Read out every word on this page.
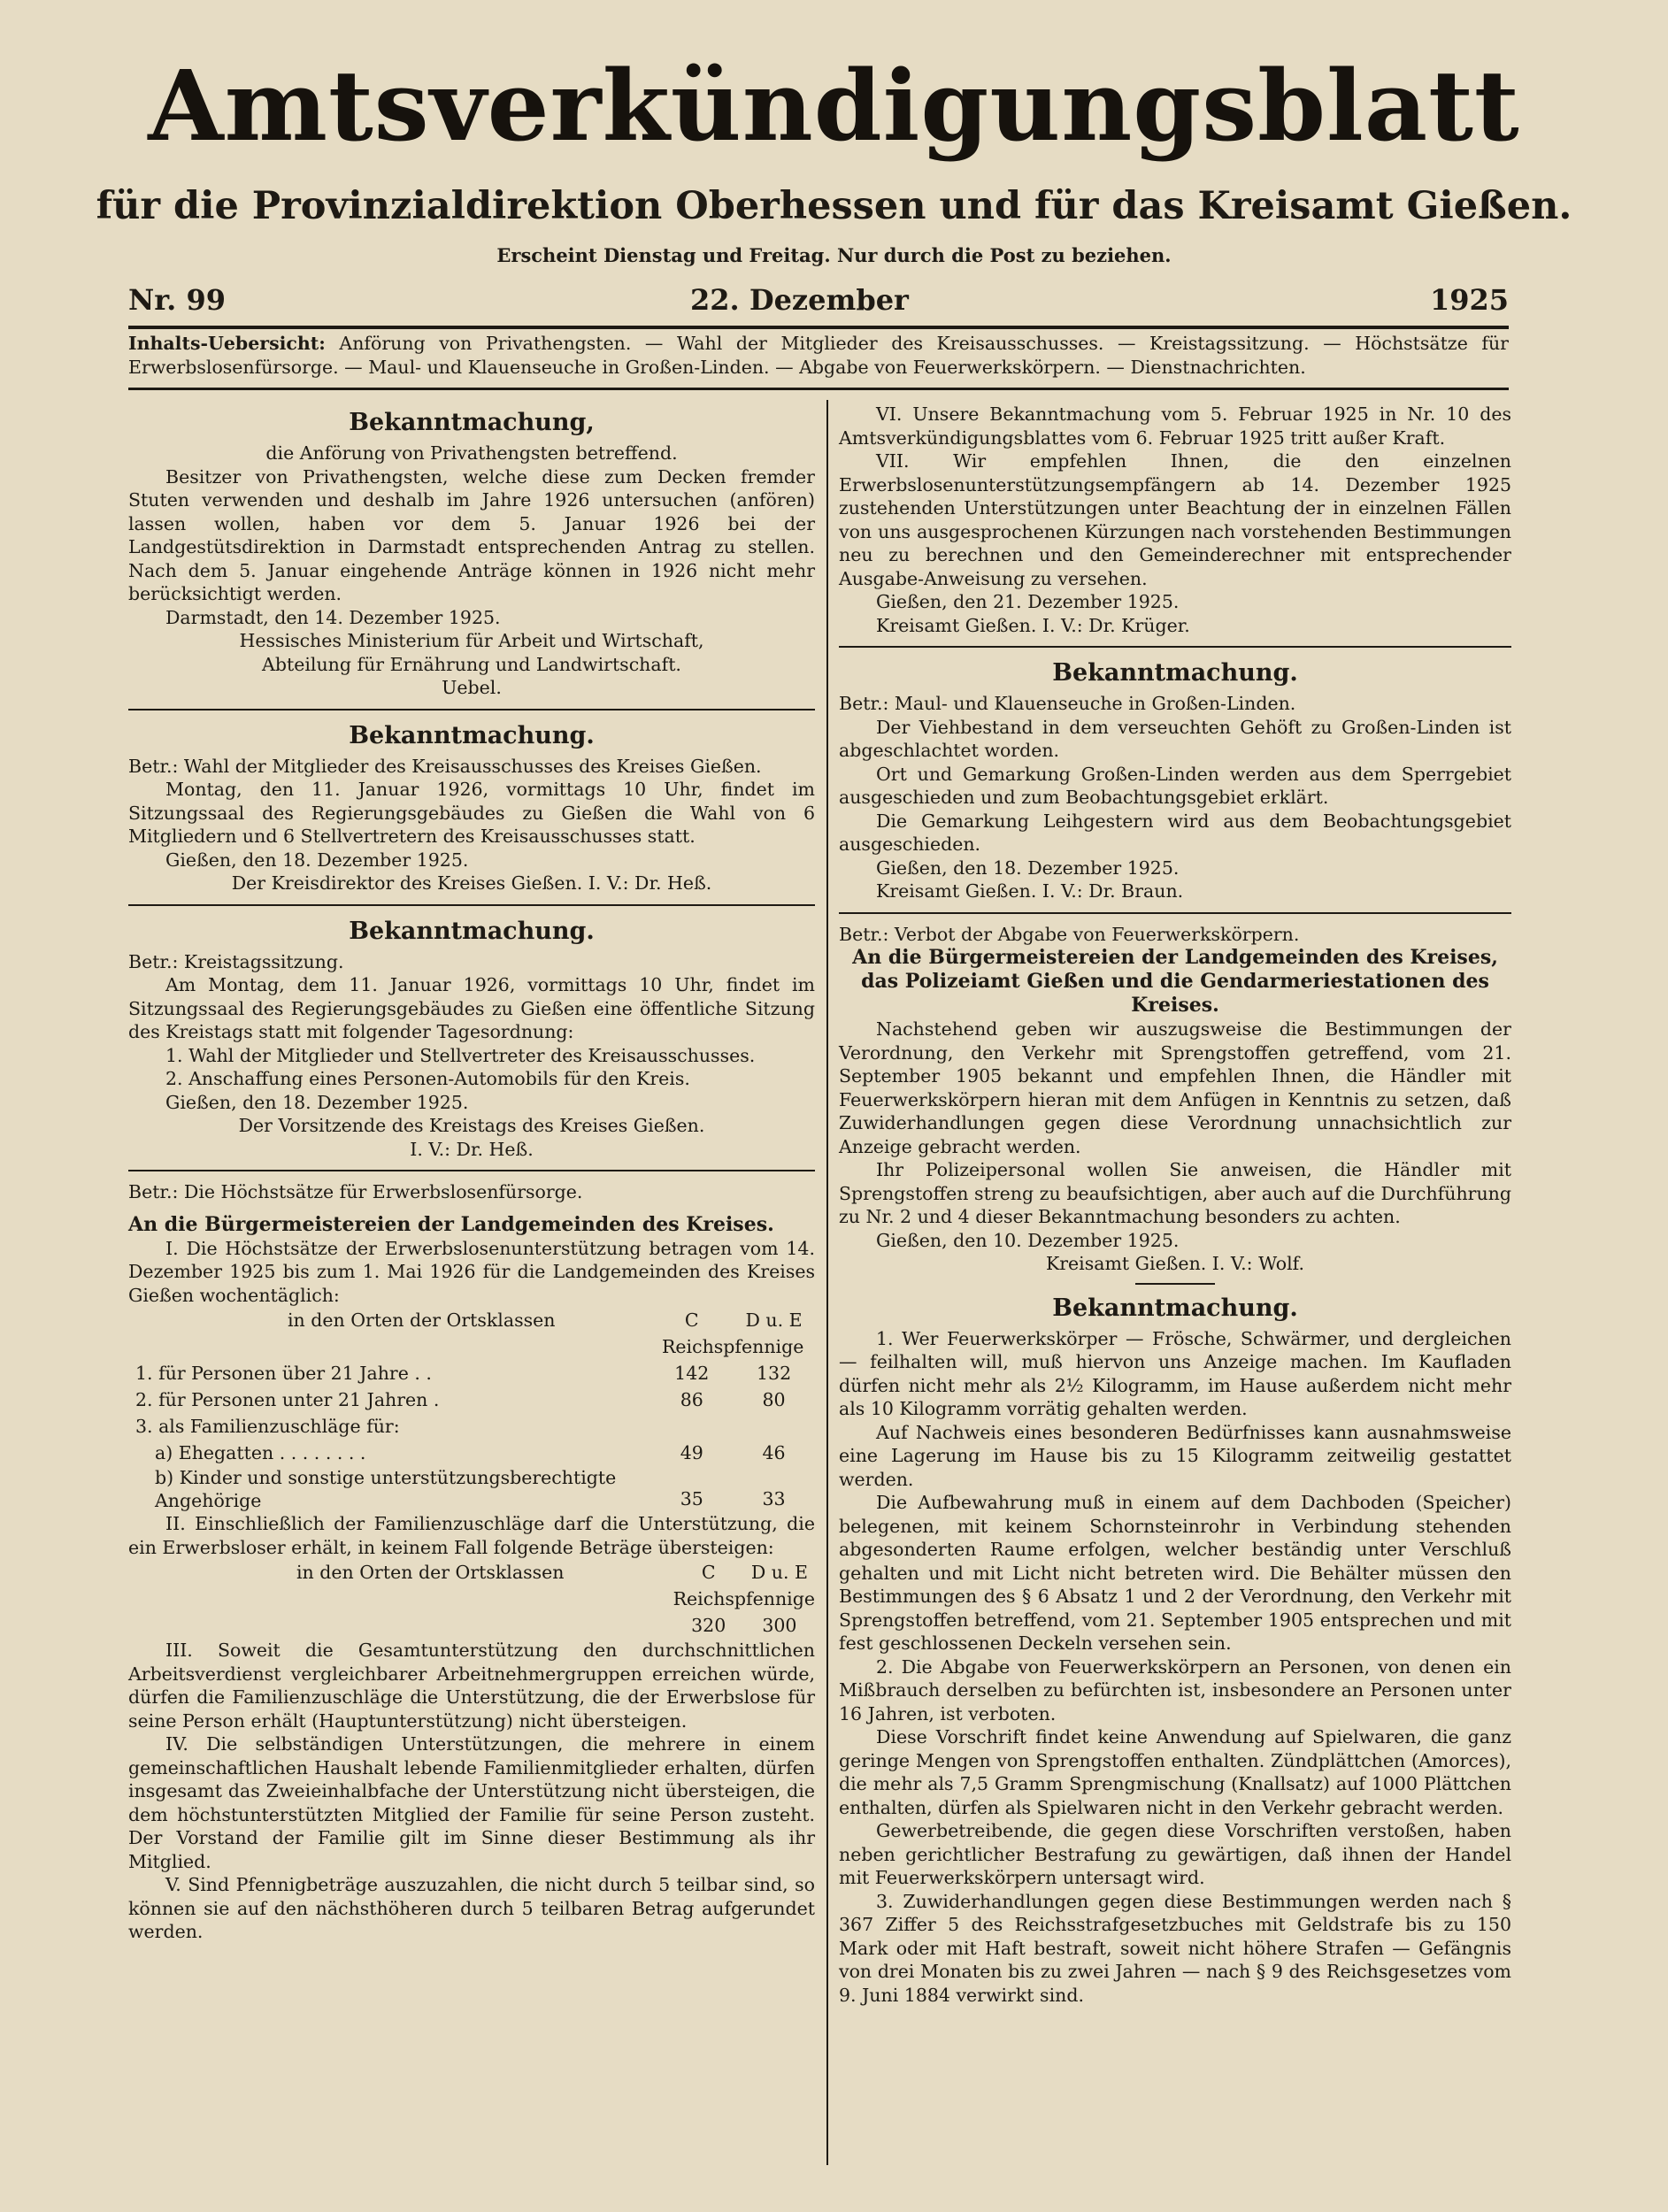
Amtsverkündigungsblatt
für die Provinzialdirektion Oberhessen und für das Kreisamt Gießen.
Erscheint Dienstag und Freitag. Nur durch die Post zu beziehen.
Nr. 99	22. Dezember	1925
Inhalts-Uebersicht: Anförung von Privathengsten. — Wahl der Mitglieder des Kreisausschusses. — Kreistagssitzung. — Höchstsätze für Erwerbslosenfürsorge. — Maul- und Klauenseuche in Großen-Linden. — Abgabe von Feuerwerkskörpern. — Dienstnachrichten.
Bekanntmachung,

die Anförung von Privathengsten betreffend.

Besitzer von Privathengsten, welche diese zum Decken fremder Stuten verwenden und deshalb im Jahre 1926 untersuchen (anfören) lassen wollen, haben vor dem 5. Januar 1926 bei der Landgestütsdirektion in Darmstadt entsprechenden Antrag zu stellen. Nach dem 5. Januar eingehende Anträge können in 1926 nicht mehr berücksichtigt werden.

Darmstadt, den 14. Dezember 1925.

Hessisches Ministerium für Arbeit und Wirtschaft,

Abteilung für Ernährung und Landwirtschaft.

Uebel.

Bekanntmachung.

Betr.: Wahl der Mitglieder des Kreisausschusses des Kreises Gießen.

Montag, den 11. Januar 1926, vormittags 10 Uhr, findet im Sitzungssaal des Regierungsgebäudes zu Gießen die Wahl von 6 Mitgliedern und 6 Stellvertretern des Kreisausschusses statt.

Gießen, den 18. Dezember 1925.

Der Kreisdirektor des Kreises Gießen. I. V.: Dr. Heß.

Bekanntmachung.

Betr.: Kreistagssitzung.

Am Montag, dem 11. Januar 1926, vormittags 10 Uhr, findet im Sitzungssaal des Regierungsgebäudes zu Gießen eine öffentliche Sitzung des Kreistags statt mit folgender Tagesordnung:

1. Wahl der Mitglieder und Stellvertreter des Kreisausschusses.

2. Anschaffung eines Personen-Automobils für den Kreis.

Gießen, den 18. Dezember 1925.

Der Vorsitzende des Kreistags des Kreises Gießen.

I. V.: Dr. Heß.

Betr.: Die Höchstsätze für Erwerbslosenfürsorge.

An die Bürgermeistereien der Landgemeinden des Kreises.

I. Die Höchstsätze der Erwerbslosenunterstützung betragen vom 14. Dezember 1925 bis zum 1. Mai 1926 für die Landgemeinden des Kreises Gießen wochentäglich:

in den Orten der Ortsklassen	C	D u. E
	Reichspfennige	
1. für Personen über 21 Jahre . .	142	132
2. für Personen unter 21 Jahren .	86	80
3. als Familienzuschläge für:		
a) Ehegatten . . . . . . . .	49	46
b) Kinder und sonstige unterstützungsberechtigte Angehörige	35	33

II. Einschließlich der Familienzuschläge darf die Unterstützung, die ein Erwerbsloser erhält, in keinem Fall folgende Beträge übersteigen:

in den Orten der Ortsklassen	C	D u. E
	Reichspfennige	
	320	300

III. Soweit die Gesamtunterstützung den durchschnittlichen Arbeitsverdienst vergleichbarer Arbeitnehmergruppen erreichen würde, dürfen die Familienzuschläge die Unterstützung, die der Erwerbslose für seine Person erhält (Hauptunterstützung) nicht übersteigen.

IV. Die selbständigen Unterstützungen, die mehrere in einem gemeinschaftlichen Haushalt lebende Familienmitglieder erhalten, dürfen insgesamt das Zweieinhalbfache der Unterstützung nicht übersteigen, die dem höchstunterstützten Mitglied der Familie für seine Person zusteht. Der Vorstand der Familie gilt im Sinne dieser Bestimmung als ihr Mitglied.

V. Sind Pfennigbeträge auszuzahlen, die nicht durch 5 teilbar sind, so können sie auf den nächsthöheren durch 5 teilbaren Betrag aufgerundet werden.

VI. Unsere Bekanntmachung vom 5. Februar 1925 in Nr. 10 des Amtsverkündigungsblattes vom 6. Februar 1925 tritt außer Kraft.

VII. Wir empfehlen Ihnen, die den einzelnen Erwerbslosenunterstützungsempfängern ab 14. Dezember 1925 zustehenden Unterstützungen unter Beachtung der in einzelnen Fällen von uns ausgesprochenen Kürzungen nach vorstehenden Bestimmungen neu zu berechnen und den Gemeinderechner mit entsprechender Ausgabe-Anweisung zu versehen.

Gießen, den 21. Dezember 1925.

Kreisamt Gießen. I. V.: Dr. Krüger.

Bekanntmachung.

Betr.: Maul- und Klauenseuche in Großen-Linden.

Der Viehbestand in dem verseuchten Gehöft zu Großen-Linden ist abgeschlachtet worden.

Ort und Gemarkung Großen-Linden werden aus dem Sperrgebiet ausgeschieden und zum Beobachtungsgebiet erklärt.

Die Gemarkung Leihgestern wird aus dem Beobachtungsgebiet ausgeschieden.

Gießen, den 18. Dezember 1925.

Kreisamt Gießen. I. V.: Dr. Braun.

Betr.: Verbot der Abgabe von Feuerwerkskörpern.

An die Bürgermeistereien der Landgemeinden des Kreises, das Polizeiamt Gießen und die Gendarmeriestationen des Kreises.

Nachstehend geben wir auszugsweise die Bestimmungen der Verordnung, den Verkehr mit Sprengstoffen getreffend, vom 21. September 1905 bekannt und empfehlen Ihnen, die Händler mit Feuerwerkskörpern hieran mit dem Anfügen in Kenntnis zu setzen, daß Zuwiderhandlungen gegen diese Verordnung unnachsichtlich zur Anzeige gebracht werden.

Ihr Polizeipersonal wollen Sie anweisen, die Händler mit Sprengstoffen streng zu beaufsichtigen, aber auch auf die Durchführung zu Nr. 2 und 4 dieser Bekanntmachung besonders zu achten.

Gießen, den 10. Dezember 1925.

Kreisamt Gießen. I. V.: Wolf.

Bekanntmachung.

1. Wer Feuerwerkskörper — Frösche, Schwärmer, und dergleichen — feilhalten will, muß hiervon uns Anzeige machen. Im Kaufladen dürfen nicht mehr als 2½ Kilogramm, im Hause außerdem nicht mehr als 10 Kilogramm vorrätig gehalten werden.

Auf Nachweis eines besonderen Bedürfnisses kann ausnahmsweise eine Lagerung im Hause bis zu 15 Kilogramm zeitweilig gestattet werden.

Die Aufbewahrung muß in einem auf dem Dachboden (Speicher) belegenen, mit keinem Schornsteinrohr in Verbindung stehenden abgesonderten Raume erfolgen, welcher beständig unter Verschluß gehalten und mit Licht nicht betreten wird. Die Behälter müssen den Bestimmungen des § 6 Absatz 1 und 2 der Verordnung, den Verkehr mit Sprengstoffen betreffend, vom 21. September 1905 entsprechen und mit fest geschlossenen Deckeln versehen sein.

2. Die Abgabe von Feuerwerkskörpern an Personen, von denen ein Mißbrauch derselben zu befürchten ist, insbesondere an Personen unter 16 Jahren, ist verboten.

Diese Vorschrift findet keine Anwendung auf Spielwaren, die ganz geringe Mengen von Sprengstoffen enthalten. Zündplättchen (Amorces), die mehr als 7,5 Gramm Sprengmischung (Knallsatz) auf 1000 Plättchen enthalten, dürfen als Spielwaren nicht in den Verkehr gebracht werden.

Gewerbetreibende, die gegen diese Vorschriften verstoßen, haben neben gerichtlicher Bestrafung zu gewärtigen, daß ihnen der Handel mit Feuerwerkskörpern untersagt wird.

3. Zuwiderhandlungen gegen diese Bestimmungen werden nach § 367 Ziffer 5 des Reichsstrafgesetzbuches mit Geldstrafe bis zu 150 Mark oder mit Haft bestraft, soweit nicht höhere Strafen — Gefängnis von drei Monaten bis zu zwei Jahren — nach § 9 des Reichsgesetzes vom 9. Juni 1884 verwirkt sind.
